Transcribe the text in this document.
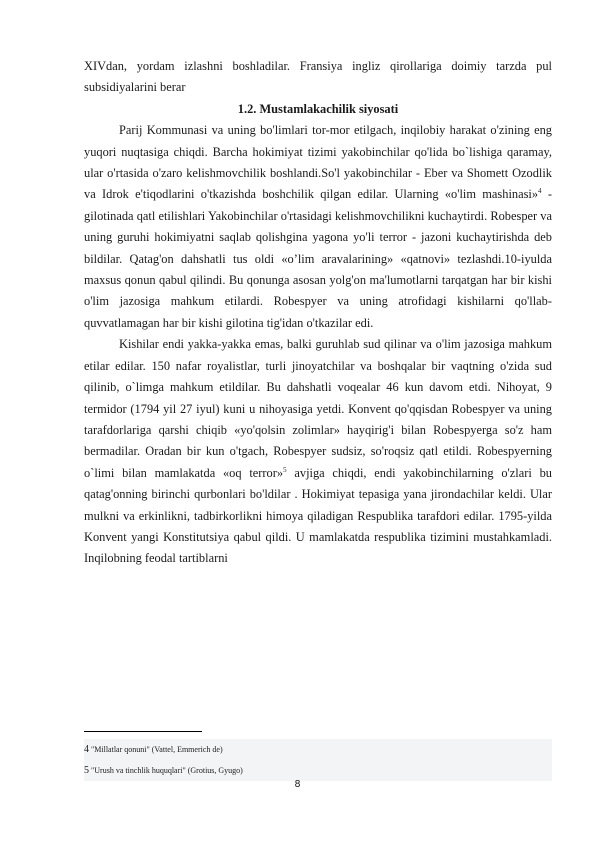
XIVdan, yordam izlashni boshladilar. Fransiya ingliz qirollariga doimiy tarzda pul subsidiyalarini berar

1.2. Mustamlakachilik siyosati

Parij Kommunasi va uning bo'limlari tor-mor etilgach, inqilobiy harakat o'zining eng yuqori nuqtasiga chiqdi. Barcha hokimiyat tizimi yakobinchilar qo'lida bo`lishiga qaramay, ular o'rtasida o'zaro kelishmovchilik boshlandi.So'l yakobinchilar - Eber va Shomett Ozodlik va Idrok e'tiqodlarini o'tkazishda boshchilik qilgan edilar. Ularning «o'lim mashinasi»$^4$ - gilotinada qatl etilishlari Yakobinchilar o'rtasidagi kelishmovchilikni kuchaytirdi. Robesper va uning guruhi hokimiyatni saqlab qolishgina yagona yo'li terror - jazoni kuchaytirishda deb bildilar. Qatag'on dahshatli tus oldi «o’lim aravalarining» «qatnovi» tezlashdi.10-iyulda maxsus qonun qabul qilindi. Bu qonunga asosan yolg'on ma'lumotlarni tarqatgan har bir kishi o'lim jazosiga mahkum etilardi. Robespyer va uning atrofidagi kishilarni qo'llab-quvvatlamagan har bir kishi gilotina tig'idan o'tkazilar edi.

Kishilar endi yakka-yakka emas, balki guruhlab sud qilinar va o'lim jazosiga mahkum etilar edilar. 150 nafar royalistlar, turli jinoyatchilar va boshqalar bir vaqtning o'zida sud qilinib, o`limga mahkum etildilar. Bu dahshatli voqealar 46 kun davom etdi. Nihoyat, 9 termidor (1794 yil 27 iyul) kuni u nihoyasiga yetdi. Konvent qo'qqisdan Robespyer va uning tarafdorlariga qarshi chiqib «yo'qolsin zolimlar» hayqirig'i bilan Robespyerga so'z ham bermadilar. Oradan bir kun o'tgach, Robespyer sudsiz, so'roqsiz qatl etildi. Robespyerning o`limi bilan mamlakatda «oq terror»$^5$ avjiga chiqdi, endi yakobinchilarning o'zlari bu qatag'onning birinchi qurbonlari bo'ldilar . Hokimiyat tepasiga yana jirondachilar keldi. Ular mulkni va erkinlikni, tadbirkorlikni himoya qiladigan Respublika tarafdori edilar. 1795-yilda Konvent yangi Konstitutsiya qabul qildi. U mamlakatda respublika tizimini mustahkamladi. Inqilobning feodal tartiblarni

4 "Millatlar qonuni" (Vattel, Emmerich de)
5 "Urush va tinchlik huquqlari" (Grotius, Gyugo)
8
